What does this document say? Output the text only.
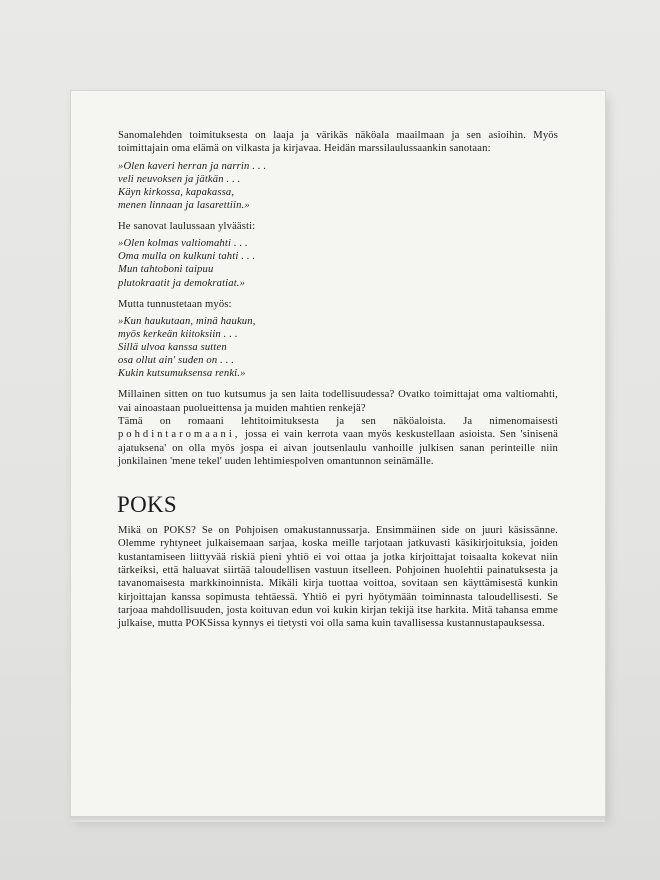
Sanomalehden toimituksesta on laaja ja värikäs näköala maailmaan ja sen asioihin. Myös toimittajain oma elämä on vilkasta ja kirjavaa. Heidän marssilaulussaankin sanotaan:

»Olen kaveri herran ja narrin . . .
veli neuvoksen ja jätkän . . .
Käyn kirkossa, kapakassa,
menen linnaan ja lasarettiin.»

He sanovat laulussaan ylväästi:

»Olen kolmas valtiomahti . . .
Oma mulla on kulkuni tahti . . .
Mun tahtoboni taipuu
plutokraatit ja demokratiat.»

Mutta tunnustetaan myös:

»Kun haukutaan, minä haukun,
myös kerkeän kiitoksiin . . .
Sillä ulvoa kanssa sutten
osa ollut ain' suden on . . .
Kukin kutsumuksensa renki.»

Millainen sitten on tuo kutsumus ja sen laita todellisuudessa? Ovatko toimittajat oma valtiomahti, vai ainoastaan puolueittensa ja muiden mahtien renkejä?

Tämä on romaani lehtitoimituksesta ja sen näköaloista. Ja nimenomaisesti pohdintaromaani, jossa ei vain kerrota vaan myös keskustellaan asioista. Sen 'sinisenä ajatuksena' on olla myös jospa ei aivan joutsenlaulu vanhoille julkisen sanan perinteille niin jonkilainen 'mene tekel' uuden lehtimiespolven omantunnon seinämälle.

POKS

Mikä on POKS? Se on Pohjoisen omakustannussarja. Ensimmäinen side on juuri käsissänne. Olemme ryhtyneet julkaisemaan sarjaa, koska meille tarjotaan jatkuvasti käsikirjoituksia, joiden kustantamiseen liittyvää riskiä pieni yhtiö ei voi ottaa ja jotka kirjoittajat toisaalta kokevat niin tärkeiksi, että haluavat siirtää taloudellisen vastuun itselleen. Pohjoinen huolehtii painatuksesta ja tavanomaisesta markkinoinnista. Mikäli kirja tuottaa voittoa, sovitaan sen käyttämisestä kunkin kirjoittajan kanssa sopimusta tehtäessä. Yhtiö ei pyri hyötymään toiminnasta taloudellisesti. Se tarjoaa mahdollisuuden, josta koituvan edun voi kukin kirjan tekijä itse harkita. Mitä tahansa emme julkaise, mutta POKSissa kynnys ei tietysti voi olla sama kuin tavallisessa kustannustapauksessa.
